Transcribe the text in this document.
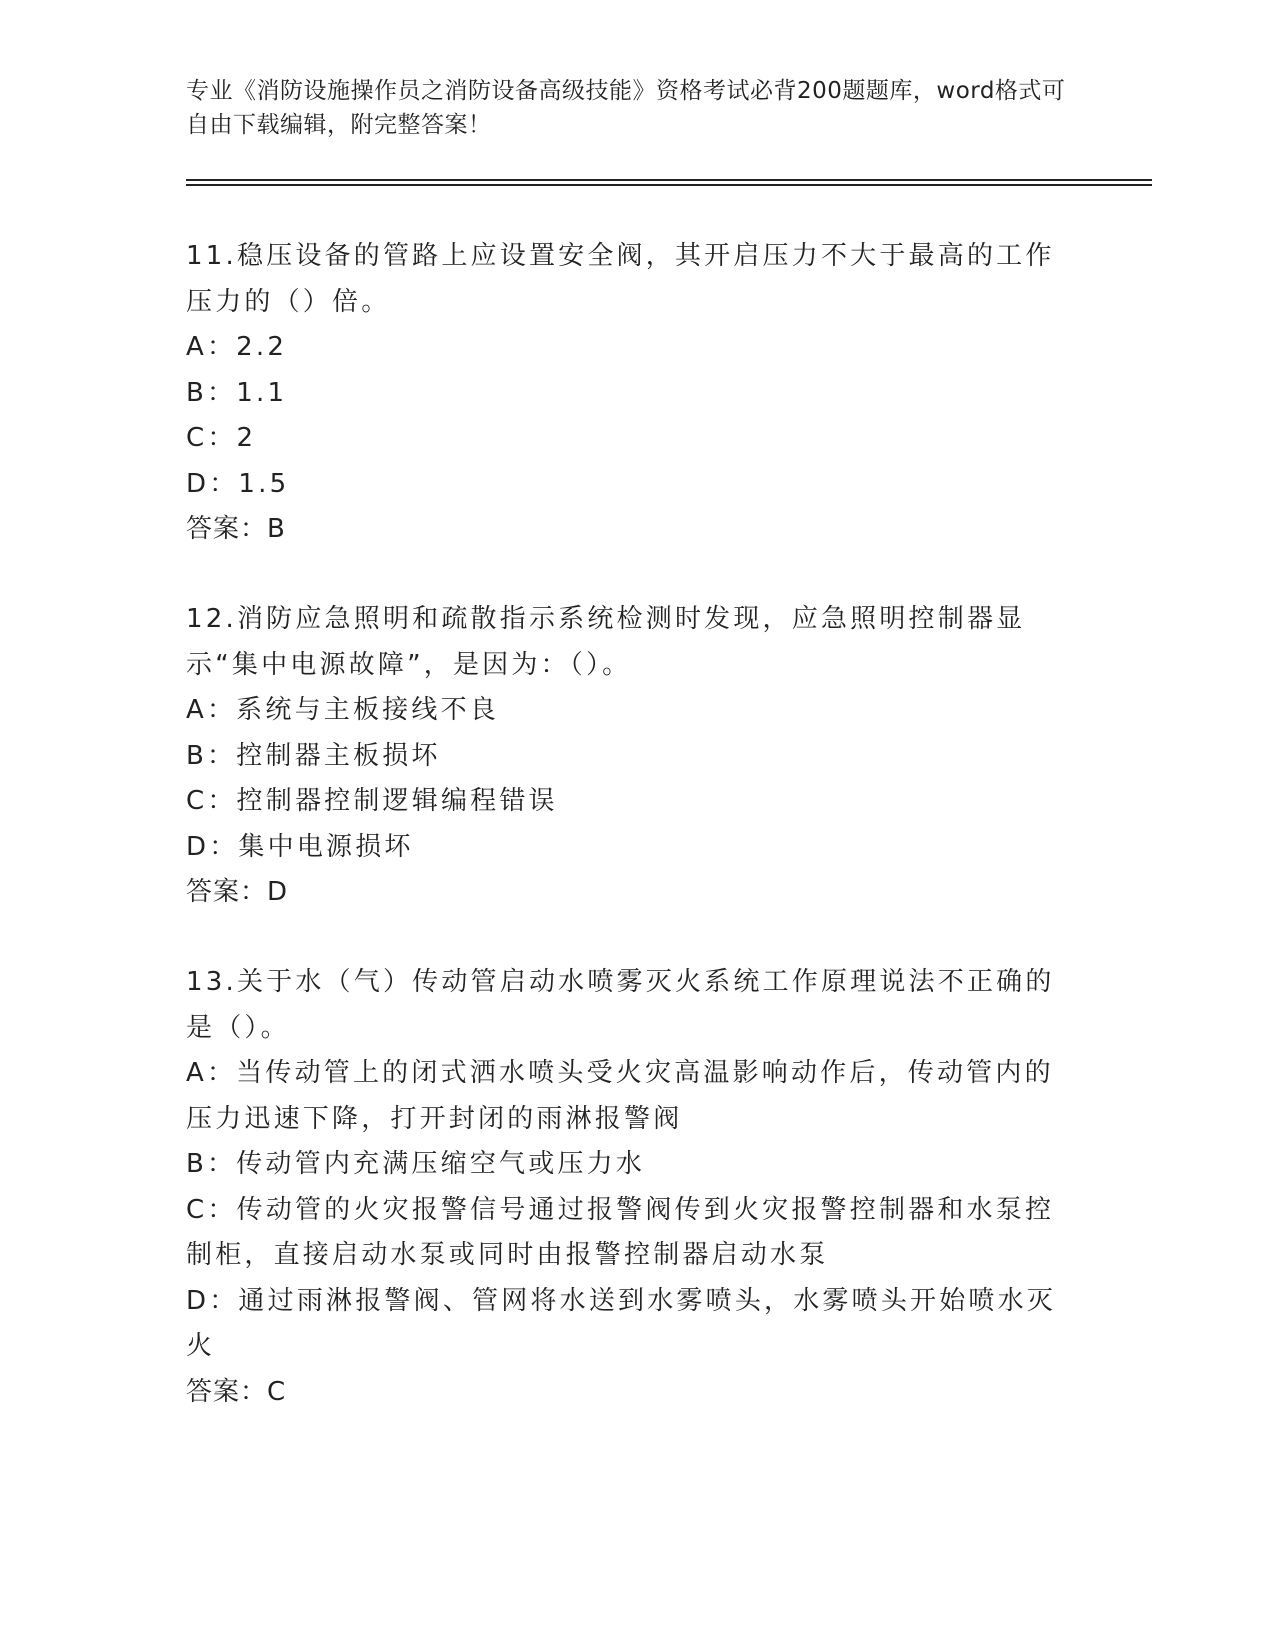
专业《消防设施操作员之消防设备高级技能》资格考试必背200题题库，word格式可自由下载编辑，附完整答案！
11.稳压设备的管路上应设置安全阀，其开启压力不大于最高的工作压力的（）倍。
A：2.2
B：1.1
C：2
D：1.5
答案：B
12.消防应急照明和疏散指示系统检测时发现，应急照明控制器显示“集中电源故障”，是因为：（）。
A：系统与主板接线不良
B：控制器主板损坏
C：控制器控制逻辑编程错误
D：集中电源损坏
答案：D
13.关于水（气）传动管启动水喷雾灭火系统工作原理说法不正确的是（）。
A：当传动管上的闭式洒水喷头受火灾高温影响动作后，传动管内的压力迅速下降，打开封闭的雨淋报警阀
B：传动管内充满压缩空气或压力水
C：传动管的火灾报警信号通过报警阀传到火灾报警控制器和水泵控制柜，直接启动水泵或同时由报警控制器启动水泵
D：通过雨淋报警阀、管网将水送到水雾喷头，水雾喷头开始喷水灭火
答案：C
